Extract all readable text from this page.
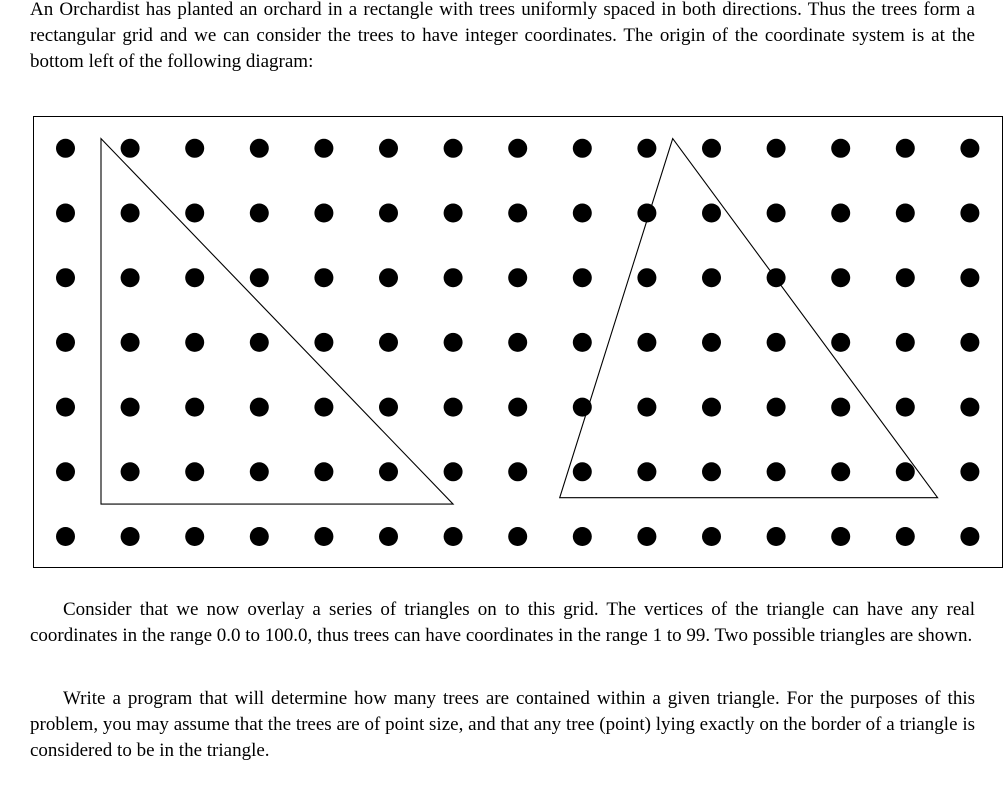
An Orchardist has planted an orchard in a rectangle with trees uniformly spaced in both directions. Thus the trees form a rectangular grid and we can consider the trees to have integer coordinates. The origin of the coordinate system is at the bottom left of the following diagram:

Consider that we now overlay a series of triangles on to this grid. The vertices of the triangle can have any real coordinates in the range 0.0 to 100.0, thus trees can have coordinates in the range 1 to 99. Two possible triangles are shown.

Write a program that will determine how many trees are contained within a given triangle. For the purposes of this problem, you may assume that the trees are of point size, and that any tree (point) lying exactly on the border of a triangle is considered to be in the triangle.
